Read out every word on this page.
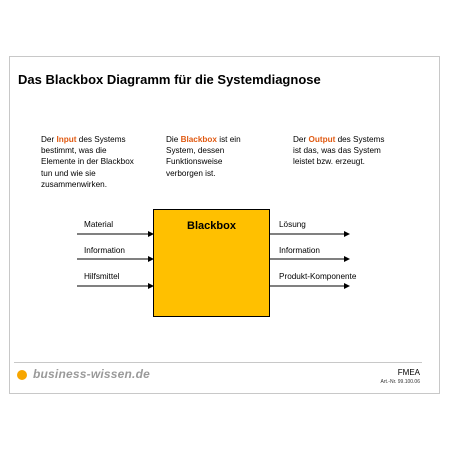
Das Blackbox Diagramm für die Systemdiagnose
Der Input des Systems bestimmt, was die Elemente in der Blackbox tun und wie sie zusammenwirken.
Die Blackbox ist ein System, dessen Funktionsweise verborgen ist.
Der Output des Systems ist das, was das System leistet bzw. erzeugt.
Blackbox
Material
Information
Hilfsmittel
Lösung
Information
Produkt-Komponente
business-wissen.de	FMEA
Art.-Nr. 99.100.06
